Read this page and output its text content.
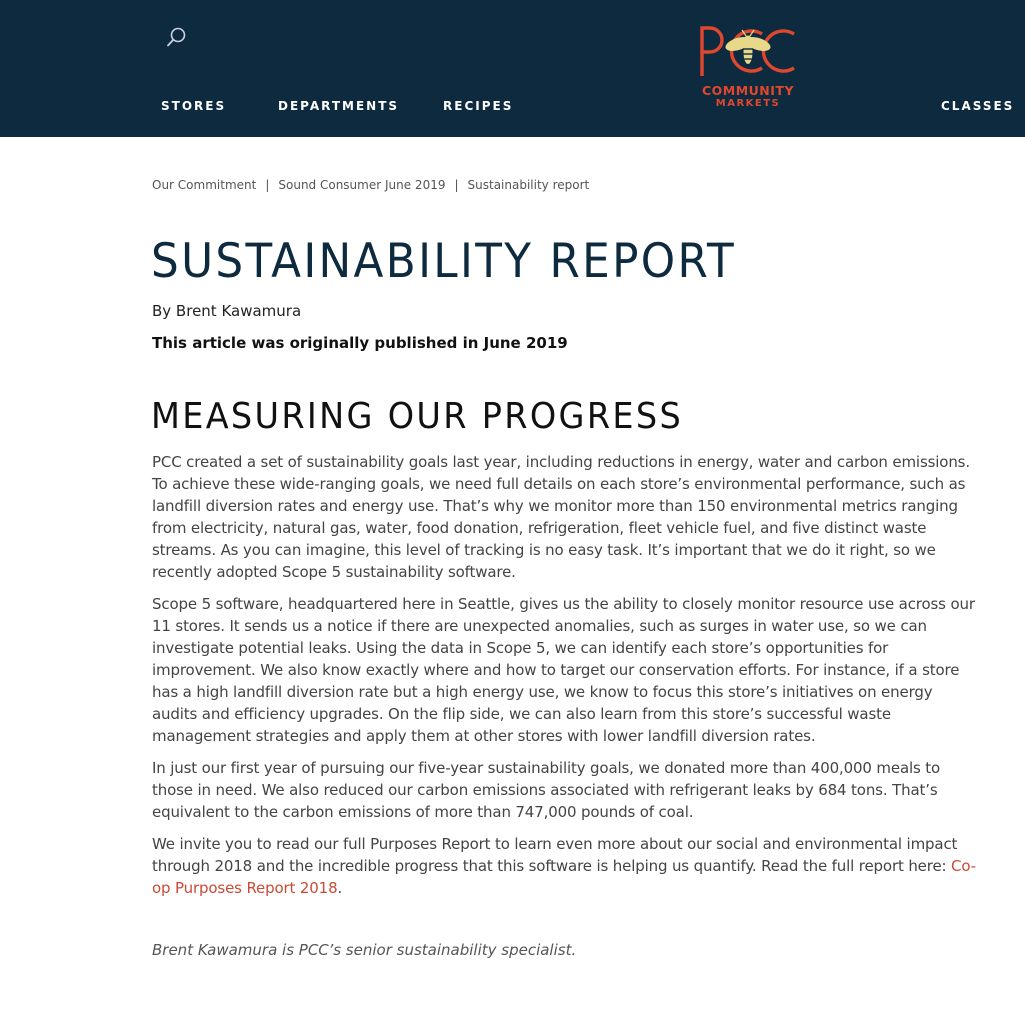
STORES	DEPARTMENTS	RECIPES	CLASSES
COMMUNITY
MARKETS
Our Commitment | Sound Consumer June 2019 | Sustainability report
SUSTAINABILITY REPORT
By Brent Kawamura
This article was originally published in June 2019
MEASURING OUR PROGRESS

PCC created a set of sustainability goals last year, including reductions in energy, water and carbon emissions. To achieve these wide-ranging goals, we need full details on each store’s environmental performance, such as landfill diversion rates and energy use. That’s why we monitor more than 150 environmental metrics ranging from electricity, natural gas, water, food donation, refrigeration, fleet vehicle fuel, and five distinct waste streams. As you can imagine, this level of tracking is no easy task. It’s important that we do it right, so we recently adopted Scope 5 sustainability software.

Scope 5 software, headquartered here in Seattle, gives us the ability to closely monitor resource use across our 11 stores. It sends us a notice if there are unexpected anomalies, such as surges in water use, so we can investigate potential leaks. Using the data in Scope 5, we can identify each store’s opportunities for improvement. We also know exactly where and how to target our conservation efforts. For instance, if a store has a high landfill diversion rate but a high energy use, we know to focus this store’s initiatives on energy audits and efficiency upgrades. On the flip side, we can also learn from this store’s successful waste management strategies and apply them at other stores with lower landfill diversion rates.

In just our first year of pursuing our five-year sustainability goals, we donated more than 400,000 meals to those in need. We also reduced our carbon emissions associated with refrigerant leaks by 684 tons. That’s equivalent to the carbon emissions of more than 747,000 pounds of coal.

We invite you to read our full Purposes Report to learn even more about our social and environmental impact through 2018 and the incredible progress that this software is helping us quantify. Read the full report here: Co-op Purposes Report 2018.

Brent Kawamura is PCC’s senior sustainability specialist.
